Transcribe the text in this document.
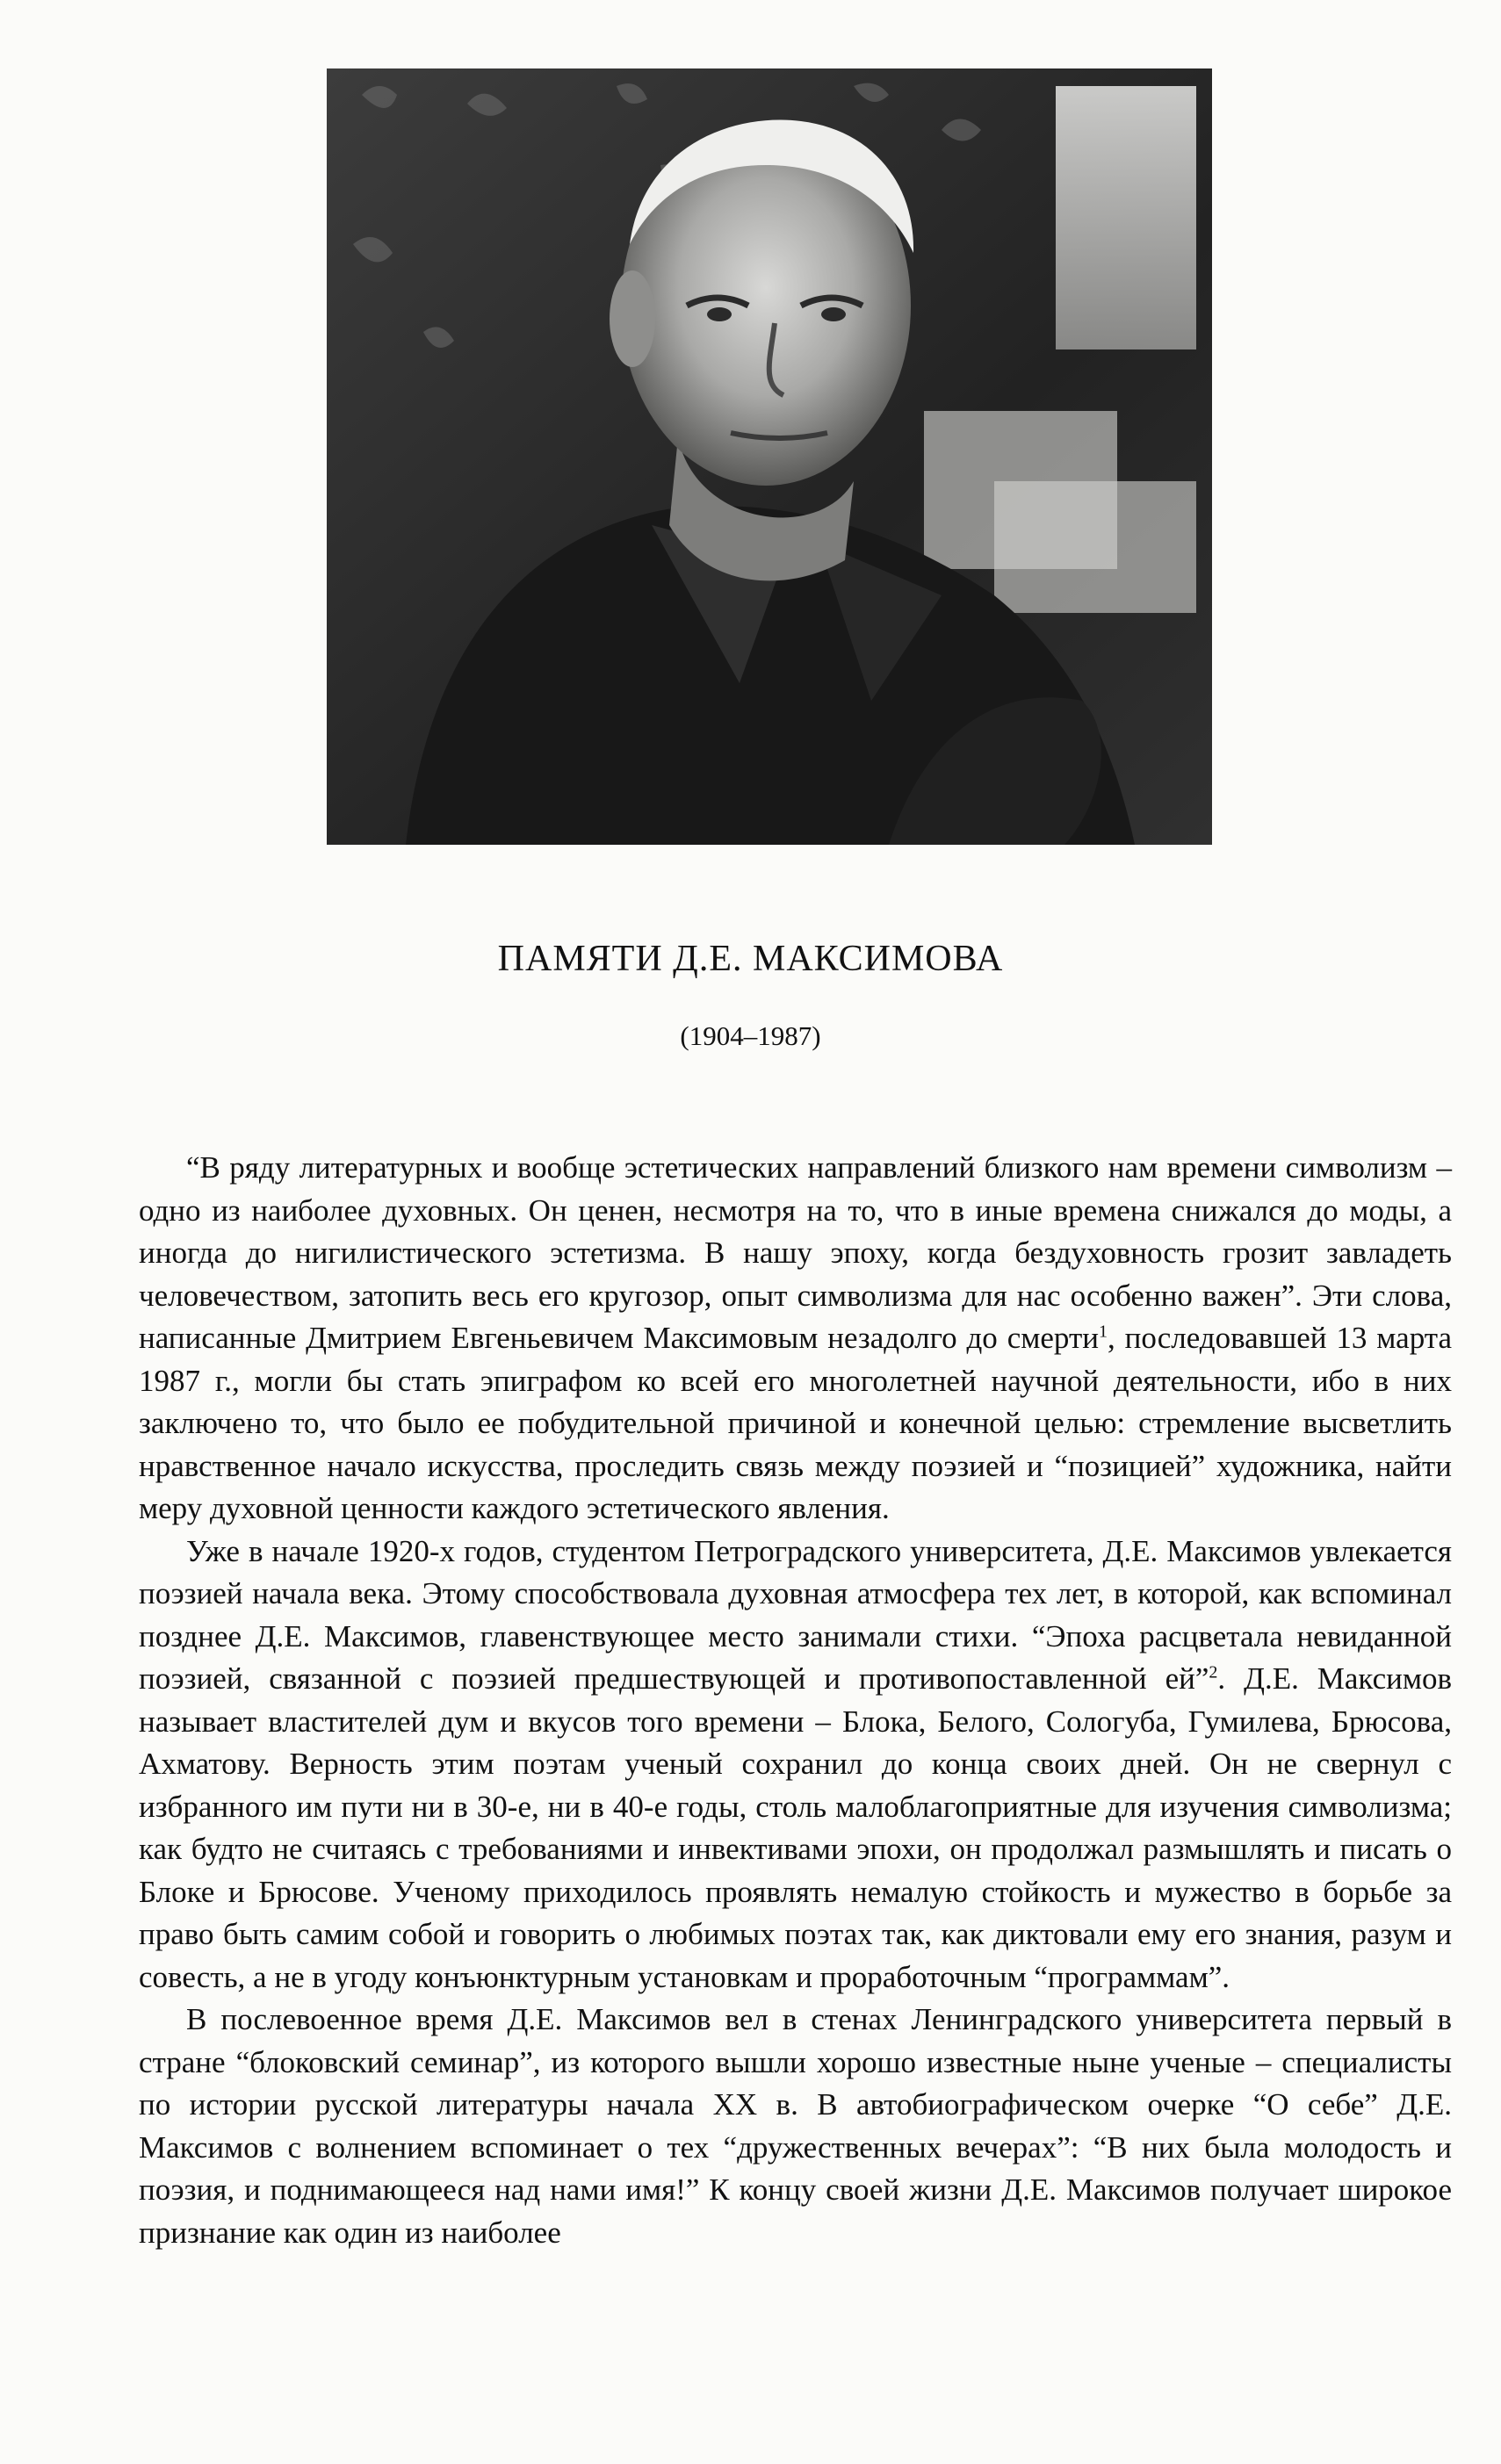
ПАМЯТИ Д.Е. МАКСИМОВА
(1904–1987)

“В ряду литературных и вообще эстетических направлений близкого нам времени символизм – одно из наиболее духовных. Он ценен, несмотря на то, что в иные времена снижался до моды, а иногда до нигилистического эстетизма. В нашу эпоху, когда бездуховность грозит завладеть человечеством, затопить весь его кругозор, опыт символизма для нас особенно важен”. Эти слова, написанные Дмитрием Евгеньевичем Максимовым незадолго до смерти$^1$, последовавшей 13 марта 1987 г., могли бы стать эпиграфом ко всей его многолетней научной деятельности, ибо в них заключено то, что было ее побудительной причиной и конечной целью: стремление высветлить нравственное начало искусства, проследить связь между поэзией и “позицией” художника, найти меру духовной ценности каждого эстетического явления.

Уже в начале 1920-х годов, студентом Петроградского университета, Д.Е. Максимов увлекается поэзией начала века. Этому способствовала духовная атмосфера тех лет, в которой, как вспоминал позднее Д.Е. Максимов, главенствующее место занимали стихи. “Эпоха расцветала невиданной поэзией, связанной с поэзией предшествующей и противопоставленной ей”$^2$. Д.Е. Максимов называет властителей дум и вкусов того времени – Блока, Белого, Сологуба, Гумилева, Брюсова, Ахматову. Верность этим поэтам ученый сохранил до конца своих дней. Он не свернул с избранного им пути ни в 30-е, ни в 40-е годы, столь малоблагоприятные для изучения символизма; как будто не считаясь с требованиями и инвективами эпохи, он продолжал размышлять и писать о Блоке и Брюсове. Ученому приходилось проявлять немалую стойкость и мужество в борьбе за право быть самим собой и говорить о любимых поэтах так, как диктовали ему его знания, разум и совесть, а не в угоду конъюнктурным установкам и проработочным “программам”.

В послевоенное время Д.Е. Максимов вел в стенах Ленинградского университета первый в стране “блоковский семинар”, из которого вышли хорошо известные ныне ученые – специалисты по истории русской литературы начала XX в. В автобиографическом очерке “О себе” Д.Е. Максимов с волнением вспоминает о тех “дружественных вечерах”: “В них была молодость и поэзия, и поднимающееся над нами имя!” К концу своей жизни Д.Е. Максимов получает широкое признание как один из наиболее
